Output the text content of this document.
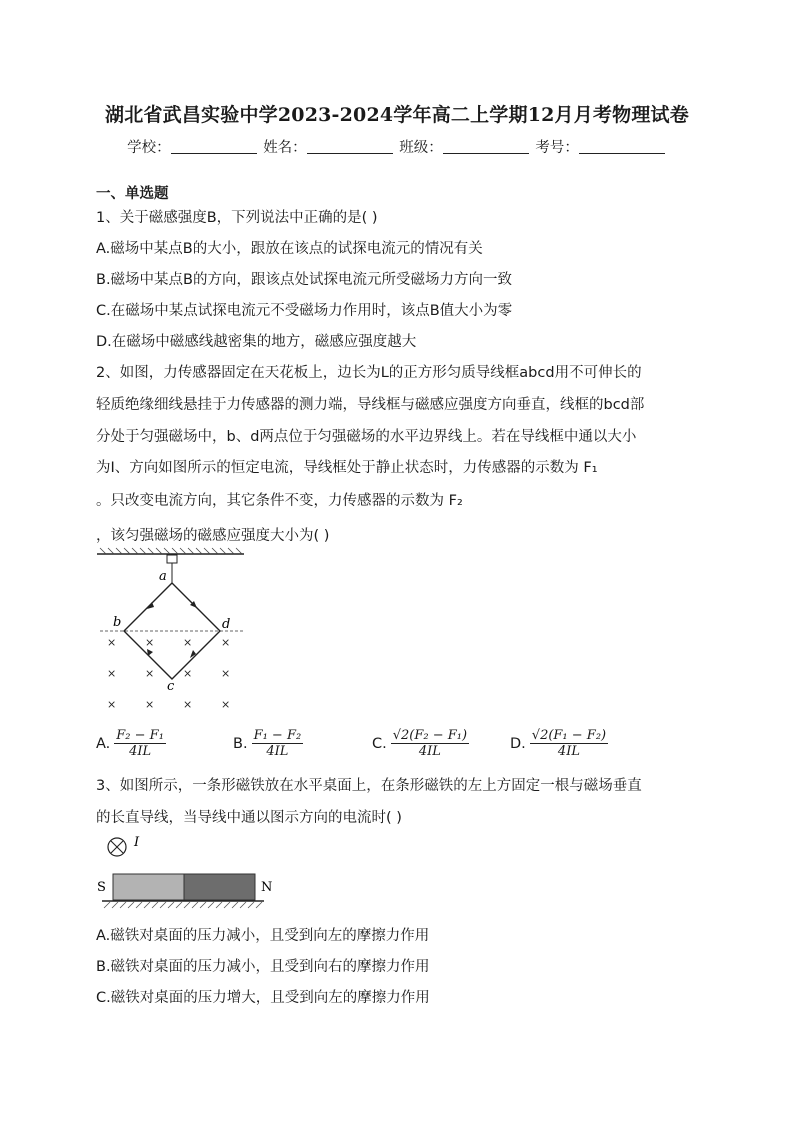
湖北省武昌实验中学2023-2024学年高二上学期12月月考物理试卷
学校：	姓名：	班级：	考号：
一、单选题
1、关于磁感强度B，下列说法中正确的是( )
A.磁场中某点B的大小，跟放在该点的试探电流元的情况有关
B.磁场中某点B的方向，跟该点处试探电流元所受磁场力方向一致
C.在磁场中某点试探电流元不受磁场力作用时，该点B值大小为零
D.在磁场中磁感线越密集的地方，磁感应强度越大
2、如图，力传感器固定在天花板上，边长为L的正方形匀质导线框abcd用不可伸长的
轻质绝缘细线悬挂于力传感器的测力端，导线框与磁感应强度方向垂直，线框的bcd部
分处于匀强磁场中，b、d两点位于匀强磁场的水平边界线上。若在导线框中通以大小
为I、方向如图所示的恒定电流，导线框处于静止状态时，力传感器的示数为 F₁
。只改变电流方向，其它条件不变，力传感器的示数为 F₂
，该匀强磁场的磁感应强度大小为( )
a
b	d
c
×	×	×	×
×	×	×	×
×	×	×	×
A. $\frac{\text{F₂ − F₁}}{4IL}$	B. $\frac{\text{F₁ − F₂}}{4IL}$	C. $\frac{\text{√2(F₂ − F₁)}}{4IL}$	D. $\frac{\text{√2(F₁ − F₂)}}{4IL}$
3、如图所示，一条形磁铁放在水平桌面上，在条形磁铁的左上方固定一根与磁场垂直
的长直导线，当导线中通以图示方向的电流时( )
I
S	N
A.磁铁对桌面的压力减小，且受到向左的摩擦力作用
B.磁铁对桌面的压力减小，且受到向右的摩擦力作用
C.磁铁对桌面的压力增大，且受到向左的摩擦力作用
